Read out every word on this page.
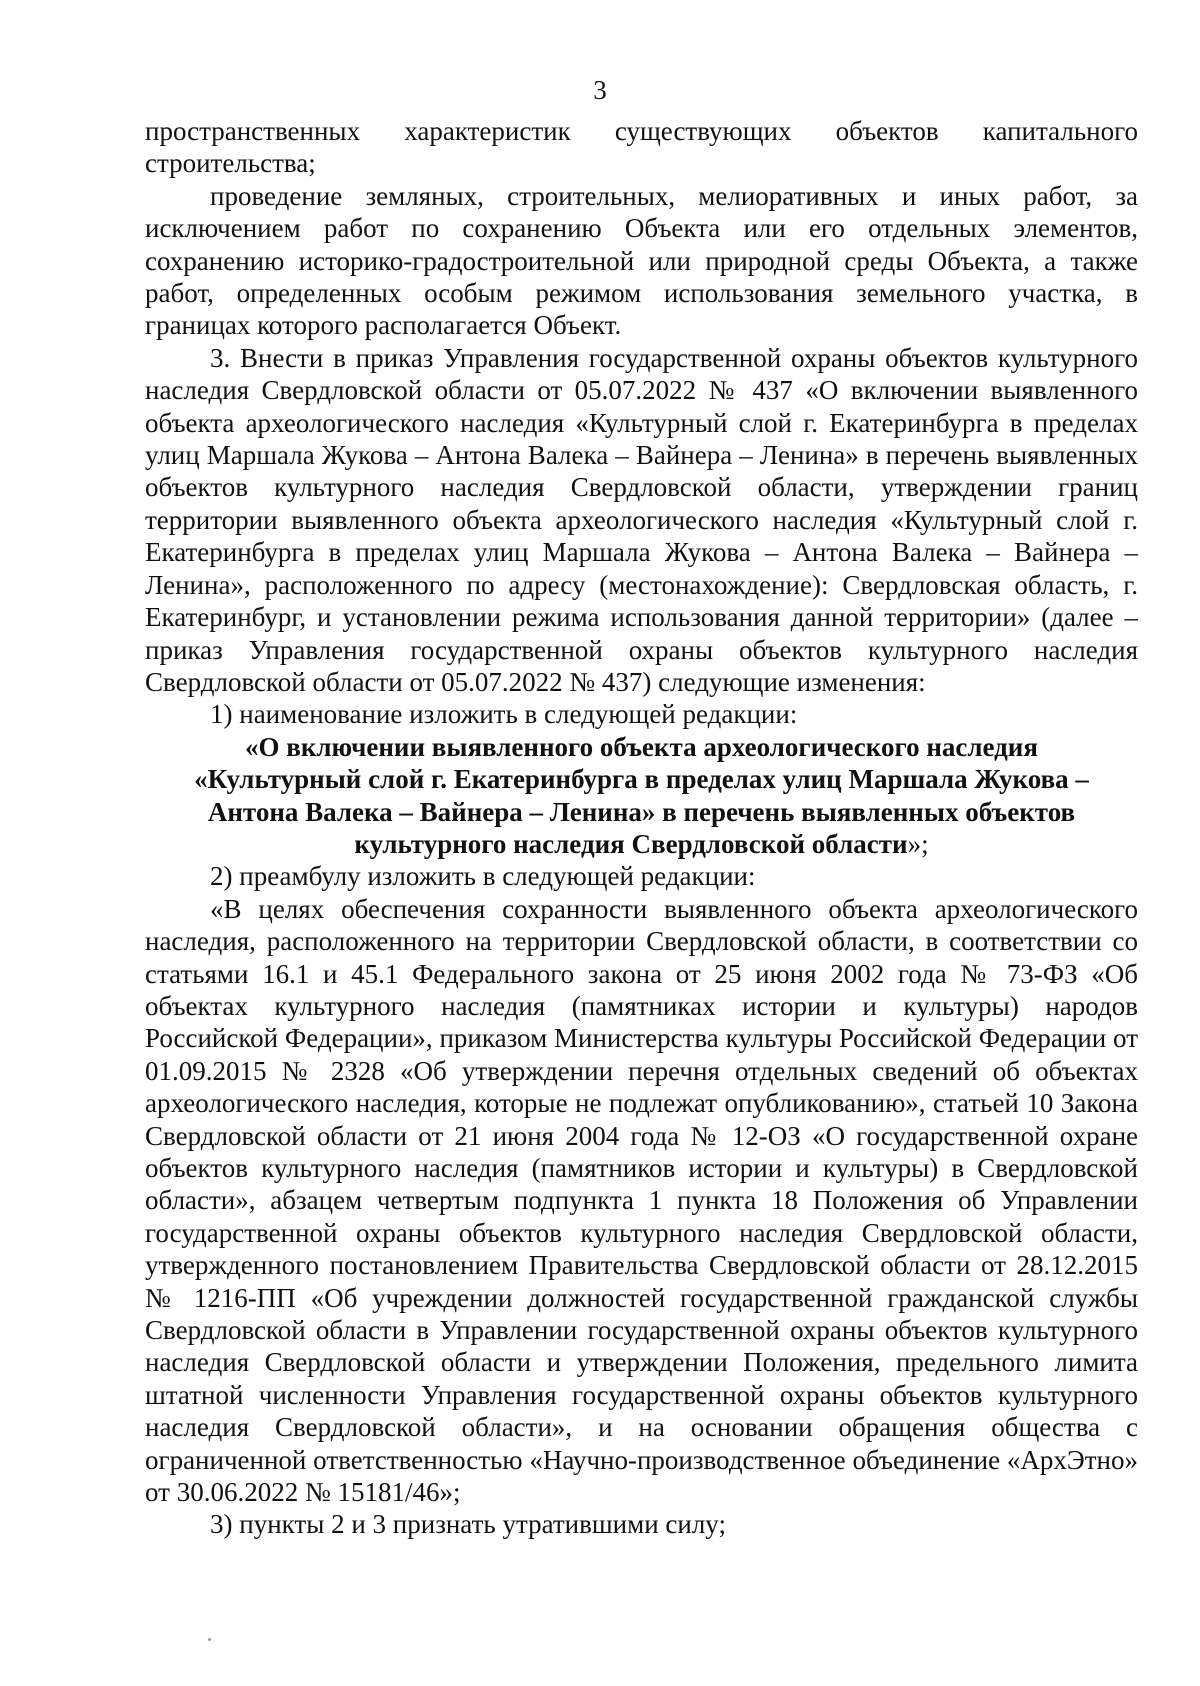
3

пространственных характеристик существующих объектов капитального строительства;

проведение земляных, строительных, мелиоративных и иных работ, за исключением работ по сохранению Объекта или его отдельных элементов, сохранению историко-градостроительной или природной среды Объекта, а также работ, определенных особым режимом использования земельного участка, в границах которого располагается Объект.

3. Внести в приказ Управления государственной охраны объектов культурного наследия Свердловской области от 05.07.2022 № 437 «О включении выявленного объекта археологического наследия «Культурный слой г. Екатеринбурга в пределах улиц Маршала Жукова – Антона Валека – Вайнера – Ленина» в перечень выявленных объектов культурного наследия Свердловской области, утверждении границ территории выявленного объекта археологического наследия «Культурный слой г. Екатеринбурга в пределах улиц Маршала Жукова – Антона Валека – Вайнера – Ленина», расположенного по адресу (местонахождение): Свердловская область, г. Екатеринбург, и установлении режима использования данной территории» (далее – приказ Управления государственной охраны объектов культурного наследия Свердловской области от 05.07.2022 № 437) следующие изменения:

1) наименование изложить в следующей редакции:

«О включении выявленного объекта археологического наследия «Культурный слой г. Екатеринбурга в пределах улиц Маршала Жукова – Антона Валека – Вайнера – Ленина» в перечень выявленных объектов культурного наследия Свердловской области»;

2) преамбулу изложить в следующей редакции:

«В целях обеспечения сохранности выявленного объекта археологического наследия, расположенного на территории Свердловской области, в соответствии со статьями 16.1 и 45.1 Федерального закона от 25 июня 2002 года № 73-ФЗ «Об объектах культурного наследия (памятниках истории и культуры) народов Российской Федерации», приказом Министерства культуры Российской Федерации от 01.09.2015 № 2328 «Об утверждении перечня отдельных сведений об объектах археологического наследия, которые не подлежат опубликованию», статьей 10 Закона Свердловской области от 21 июня 2004 года № 12-ОЗ «О государственной охране объектов культурного наследия (памятников истории и культуры) в Свердловской области», абзацем четвертым подпункта 1 пункта 18 Положения об Управлении государственной охраны объектов культурного наследия Свердловской области, утвержденного постановлением Правительства Свердловской области от 28.12.2015 № 1216-ПП «Об учреждении должностей государственной гражданской службы Свердловской области в Управлении государственной охраны объектов культурного наследия Свердловской области и утверждении Положения, предельного лимита штатной численности Управления государственной охраны объектов культурного наследия Свердловской области», и на основании обращения общества с ограниченной ответственностью «Научно-производственное объединение «АрхЭтно» от 30.06.2022 № 15181/46»;

3) пункты 2 и 3 признать утратившими силу;
